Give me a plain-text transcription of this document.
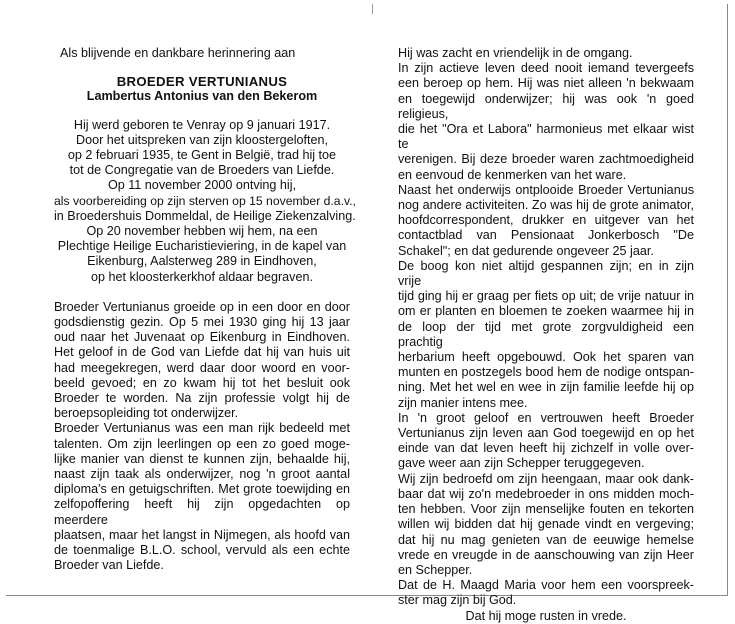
Als blijvende en dankbare herinnering aan
BROEDER VERTUNIANUS
Lambertus Antonius van den Bekerom
Hij werd geboren te Venray op 9 januari 1917.
Door het uitspreken van zijn kloostergeloften,
op 2 februari 1935, te Gent in België, trad hij toe
tot de Congregatie van de Broeders van Liefde.
Op 11 november 2000 ontving hij,
als voorbereiding op zijn sterven op 15 november d.a.v.,
in Broedershuis Dommeldal, de Heilige Ziekenzalving.
Op 20 november hebben wij hem, na een
Plechtige Heilige Eucharistieviering, in de kapel van
Eikenburg, Aalsterweg 289 in Eindhoven,
op het kloosterkerkhof aldaar begraven.
Broeder Vertunianus groeide op in een door en door
godsdienstig gezin. Op 5 mei 1930 ging hij 13 jaar
oud naar het Juvenaat op Eikenburg in Eindhoven.
Het geloof in de God van Liefde dat hij van huis uit
had meegekregen, werd daar door woord en voor-
beeld gevoed; en zo kwam hij tot het besluit ook
Broeder te worden. Na zijn professie volgt hij de
beroepsopleiding tot onderwijzer.
Broeder Vertunianus was een man rijk bedeeld met
talenten. Om zijn leerlingen op een zo goed moge-
lijke manier van dienst te kunnen zijn, behaalde hij,
naast zijn taak als onderwijzer, nog 'n groot aantal
diploma's en getuigschriften. Met grote toewijding en
zelfopoffering heeft hij zijn opgedachten op meerdere
plaatsen, maar het langst in Nijmegen, als hoofd van
de toenmalige B.L.O. school, vervuld als een echte
Broeder van Liefde.
Hij was zacht en vriendelijk in de omgang.
In zijn actieve leven deed nooit iemand tevergeefs
een beroep op hem. Hij was niet alleen 'n bekwaam
en toegewijd onderwijzer; hij was ook 'n goed religieus,
die het "Ora et Labora" harmonieus met elkaar wist te
verenigen. Bij deze broeder waren zachtmoedigheid
en eenvoud de kenmerken van het ware.
Naast het onderwijs ontplooide Broeder Vertunianus
nog andere activiteiten. Zo was hij de grote animator,
hoofdcorrespondent, drukker en uitgever van het
contactblad van Pensionaat Jonkerbosch "De
Schakel"; en dat gedurende ongeveer 25 jaar.
De boog kon niet altijd gespannen zijn; en in zijn vrije
tijd ging hij er graag per fiets op uit; de vrije natuur in
om er planten en bloemen te zoeken waarmee hij in
de loop der tijd met grote zorgvuldigheid een prachtig
herbarium heeft opgebouwd. Ook het sparen van
munten en postzegels bood hem de nodige ontspan-
ning. Met het wel en wee in zijn familie leefde hij op
zijn manier intens mee.
In 'n groot geloof en vertrouwen heeft Broeder
Vertunianus zijn leven aan God toegewijd en op het
einde van dat leven heeft hij zichzelf in volle over-
gave weer aan zijn Schepper teruggegeven.
Wij zijn bedroefd om zijn heengaan, maar ook dank-
baar dat wij zo'n medebroeder in ons midden moch-
ten hebben. Voor zijn menselijke fouten en tekorten
willen wij bidden dat hij genade vindt en vergeving;
dat hij nu mag genieten van de eeuwige hemelse
vrede en vreugde in de aanschouwing van zijn Heer
en Schepper.
Dat de H. Maagd Maria voor hem een voorspreek-
ster mag zijn bij God.
Dat hij moge rusten in vrede.
